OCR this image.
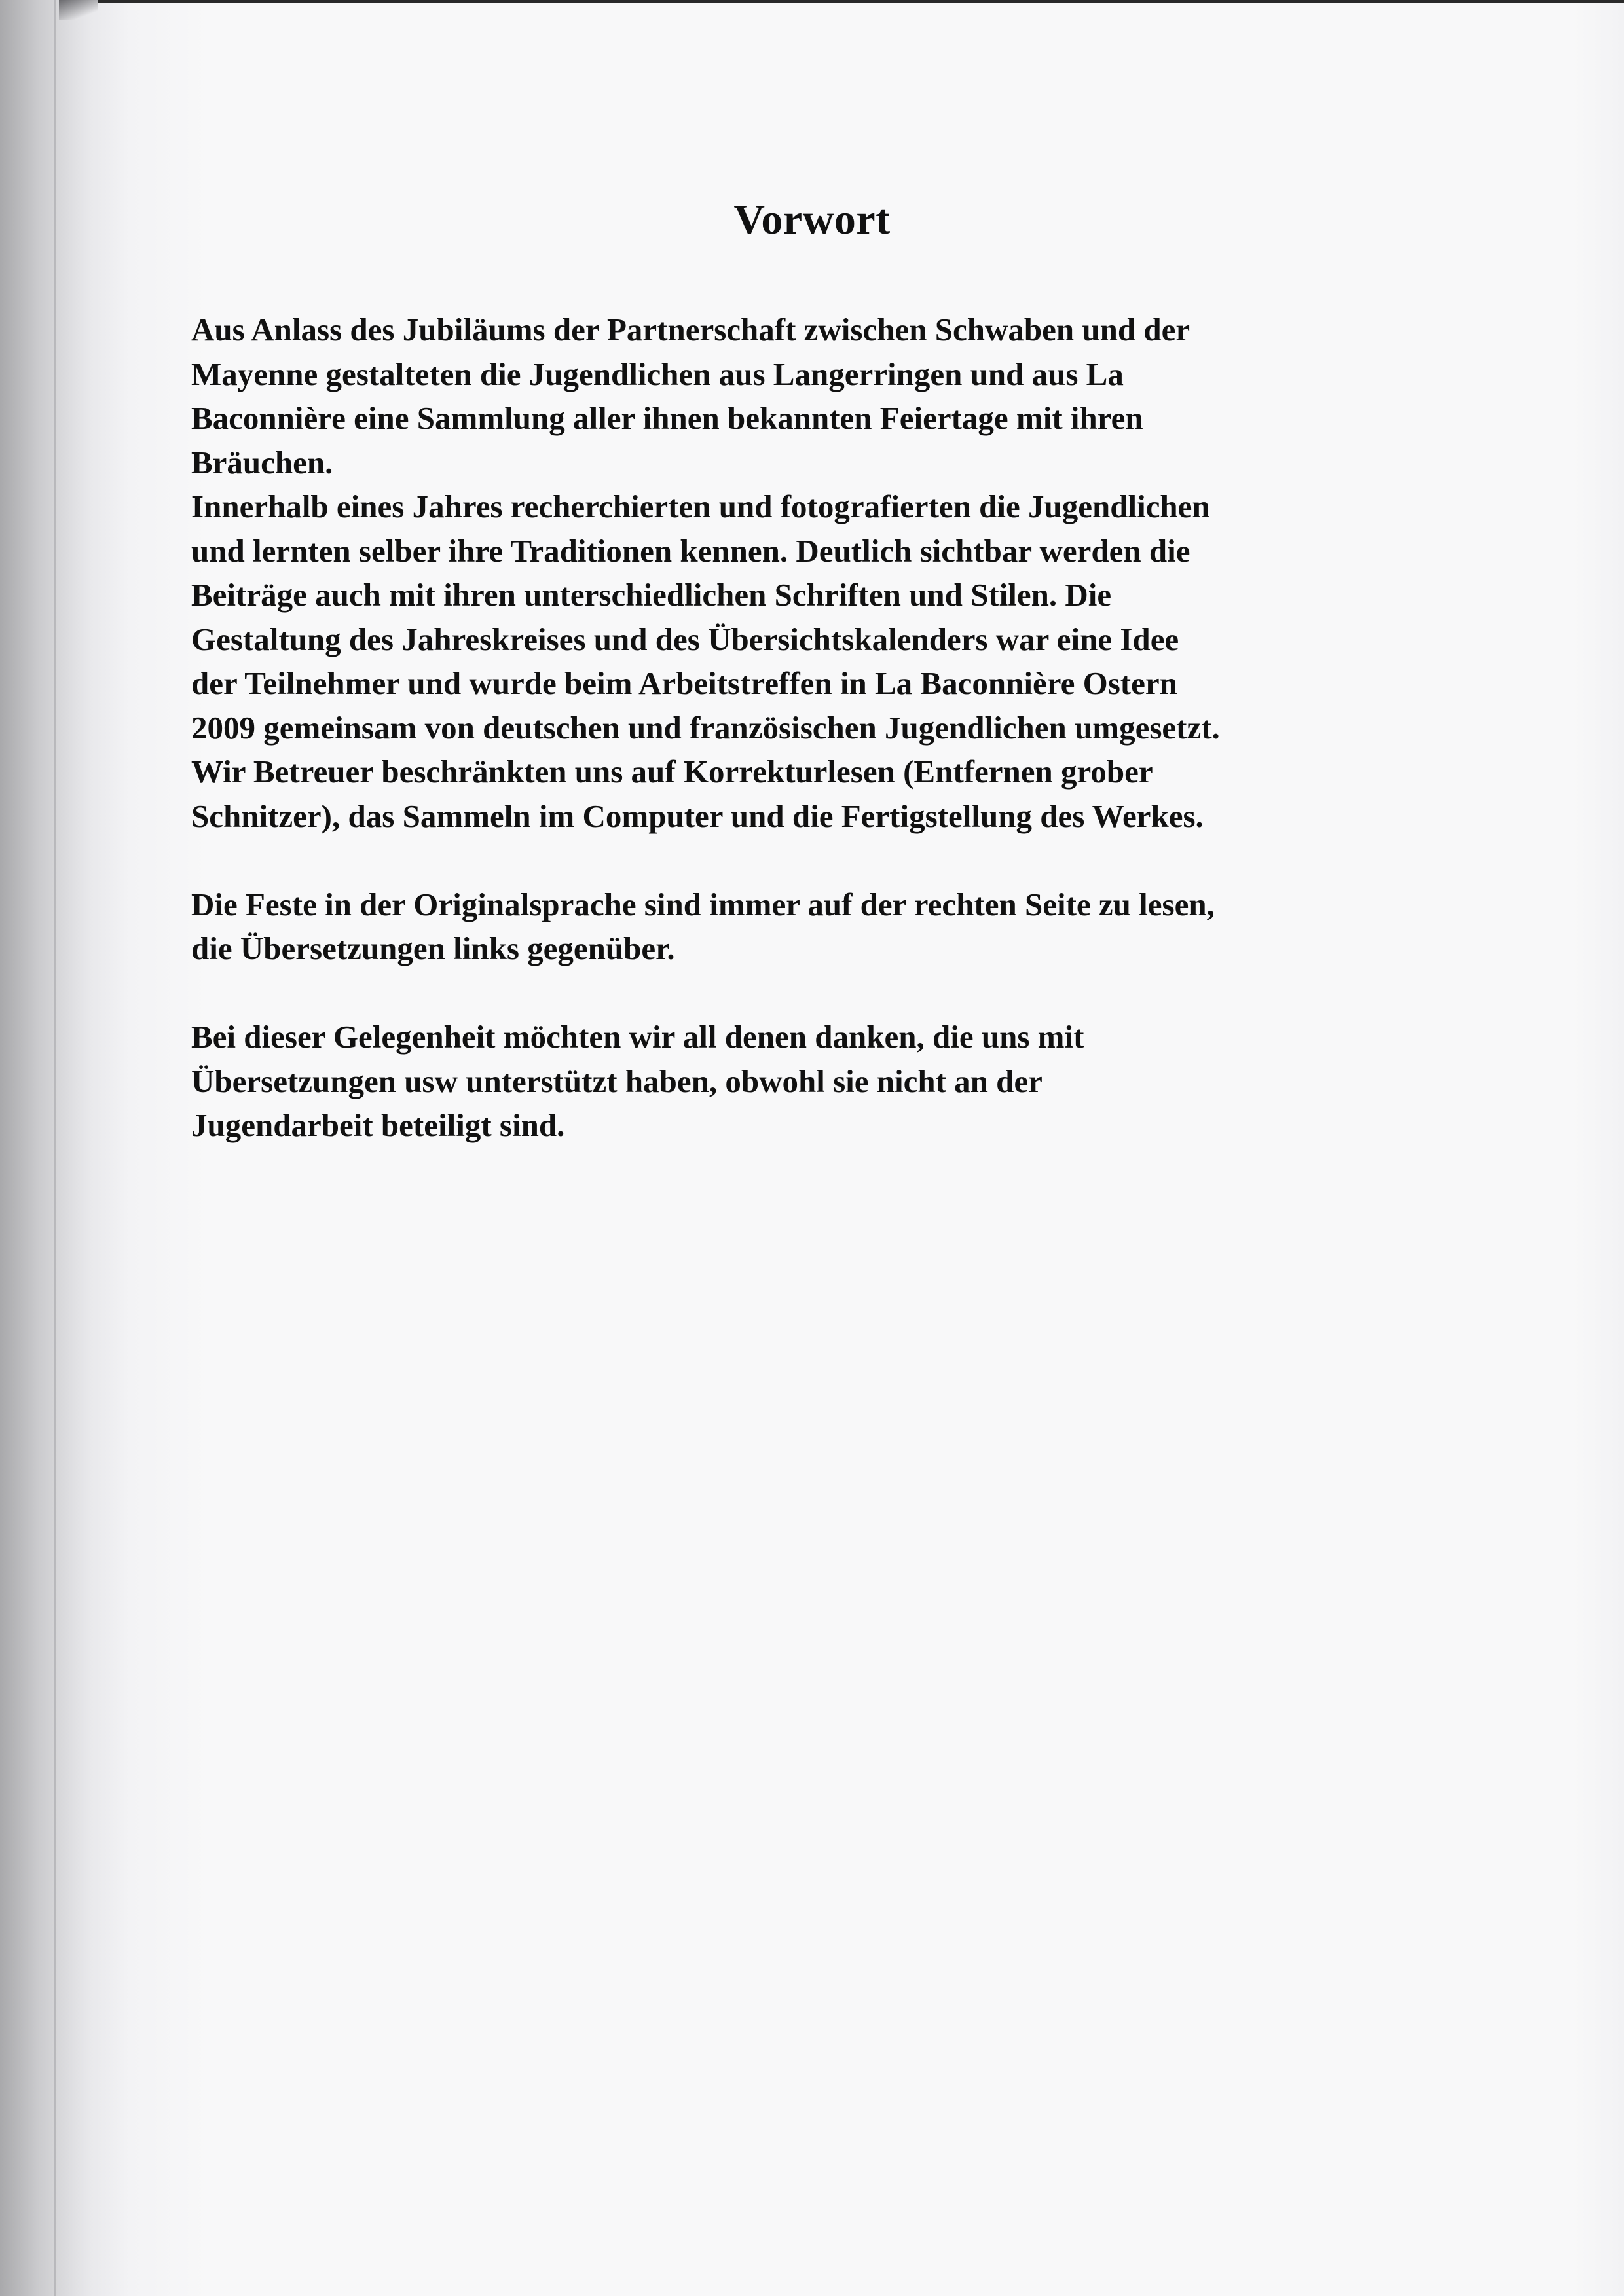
Vorwort

Aus Anlass des Jubiläums der Partnerschaft zwischen Schwaben und der
Mayenne gestalteten die Jugendlichen aus Langerringen und aus La
Baconnière eine Sammlung aller ihnen bekannten Feiertage mit ihren
Bräuchen.
Innerhalb eines Jahres recherchierten und fotografierten die Jugendlichen
und lernten selber ihre Traditionen kennen. Deutlich sichtbar werden die
Beiträge auch mit ihren unterschiedlichen Schriften und Stilen. Die
Gestaltung des Jahreskreises und des Übersichtskalenders war eine Idee
der Teilnehmer und wurde beim Arbeitstreffen in La Baconnière Ostern
2009 gemeinsam von deutschen und französischen Jugendlichen umgesetzt.
Wir Betreuer beschränkten uns auf Korrekturlesen (Entfernen grober
Schnitzer), das Sammeln im Computer und die Fertigstellung des Werkes.

Die Feste in der Originalsprache sind immer auf der rechten Seite zu lesen,
die Übersetzungen links gegenüber.

Bei dieser Gelegenheit möchten wir all denen danken, die uns mit
Übersetzungen usw unterstützt haben, obwohl sie nicht an der
Jugendarbeit beteiligt sind.
